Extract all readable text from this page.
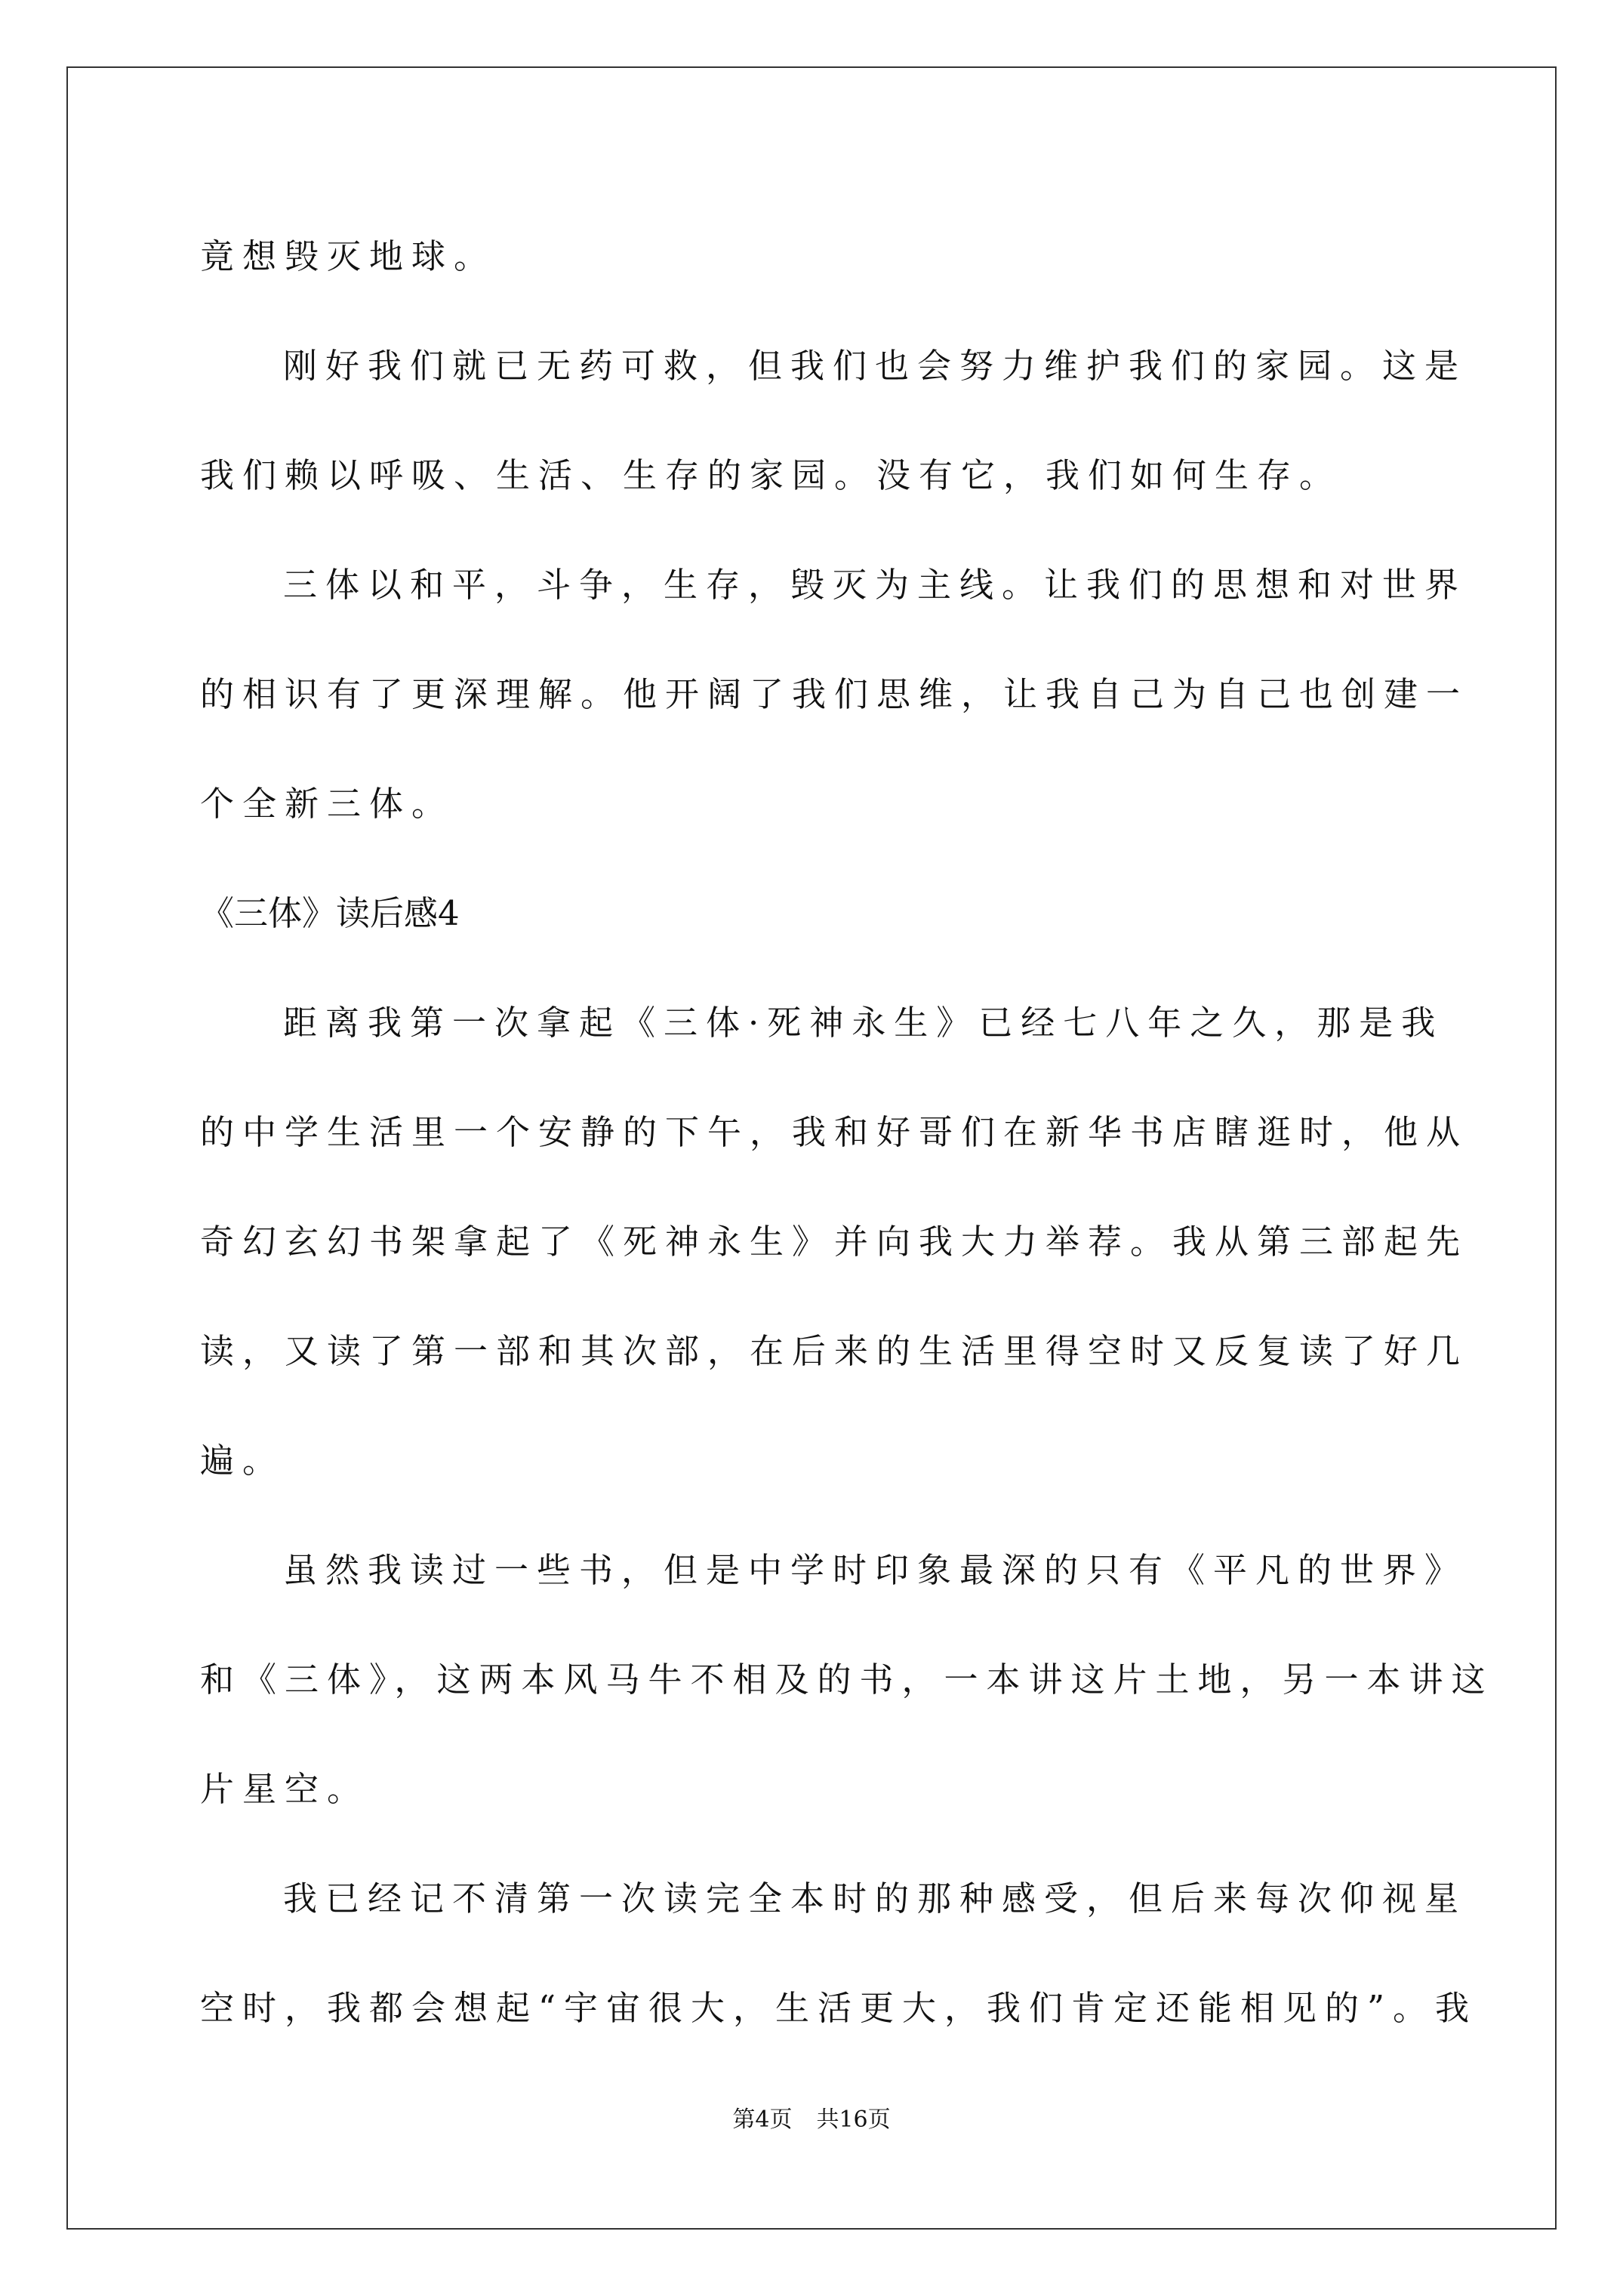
竟想毁灭地球。
刚好我们就已无药可救，但我们也会努力维护我们的家园。这是
我们赖以呼吸、生活、生存的家园。没有它，我们如何生存。
三体以和平，斗争，生存，毁灭为主线。让我们的思想和对世界
的相识有了更深理解。他开阔了我们思维，让我自己为自己也创建一
个全新三体。
《三体》读后感4
距离我第一次拿起《三体·死神永生》已经七八年之久，那是我
的中学生活里一个安静的下午，我和好哥们在新华书店瞎逛时，他从
奇幻玄幻书架拿起了《死神永生》并向我大力举荐。我从第三部起先
读，又读了第一部和其次部，在后来的生活里得空时又反复读了好几
遍。
虽然我读过一些书，但是中学时印象最深的只有《平凡的世界》
和《三体》，这两本风马牛不相及的书，一本讲这片土地，另一本讲这
片星空。
我已经记不清第一次读完全本时的那种感受，但后来每次仰视星
空时，我都会想起“宇宙很大，生活更大，我们肯定还能相见的”。我
第4页 共16页
